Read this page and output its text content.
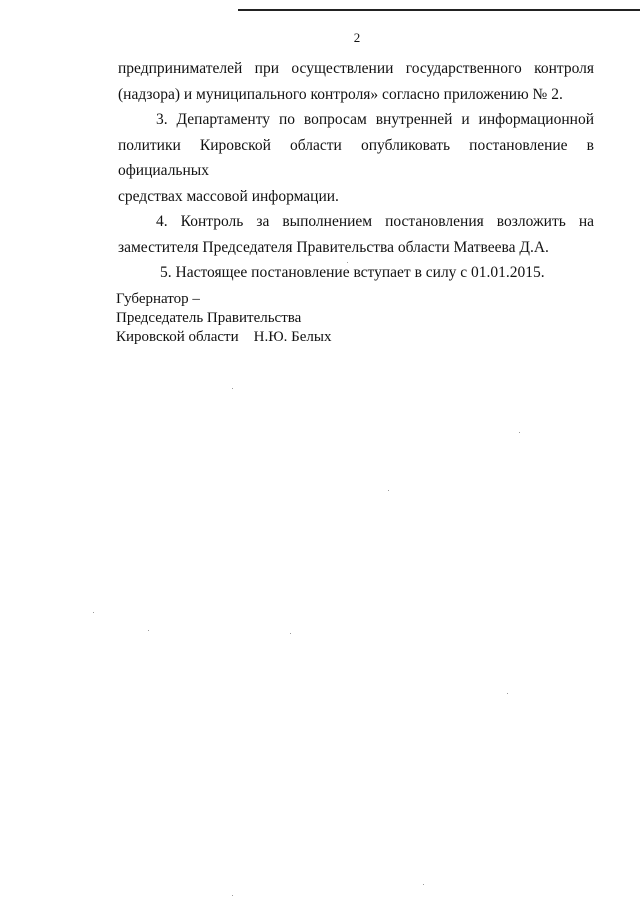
2

предпринимателей при осуществлении государственного контроля
(надзора) и муниципального контроля» согласно приложению № 2.

3. Департаменту по вопросам внутренней и информационной
политики Кировской области опубликовать постановление в официальных
средствах массовой информации.

4. Контроль за выполнением постановления возложить на
заместителя Председателя Правительства области Матвеева Д.А.

5. Настоящее постановление вступает в силу с 01.01.2015.

Губернатор –
Председатель Правительства
Кировской области    Н.Ю. Белых
